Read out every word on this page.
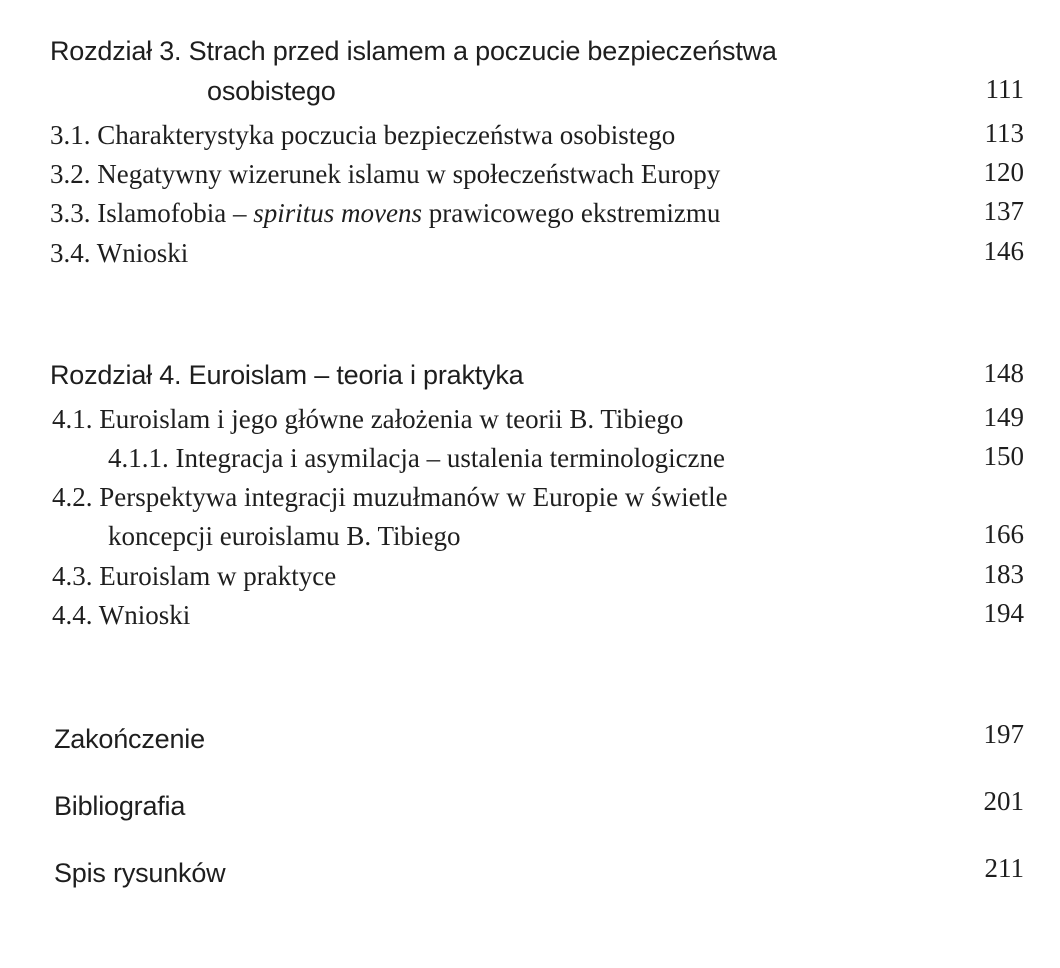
Rozdział 3. Strach przed islamem a poczucie bezpieczeństwa
osobistego	111
3.1. Charakterystyka poczucia bezpieczeństwa osobistego	113
3.2. Negatywny wizerunek islamu w społeczeństwach Europy	120
3.3. Islamofobia – spiritus movens prawicowego ekstremizmu	137
3.4. Wnioski	146
Rozdział 4. Euroislam – teoria i praktyka	148
4.1. Euroislam i jego główne założenia w teorii B. Tibiego	149
4.1.1. Integracja i asymilacja – ustalenia terminologiczne	150
4.2. Perspektywa integracji muzułmanów w Europie w świetle
koncepcji euroislamu B. Tibiego	166
4.3. Euroislam w praktyce	183
4.4. Wnioski	194
Zakończenie	197
Bibliografia	201
Spis rysunków	211
